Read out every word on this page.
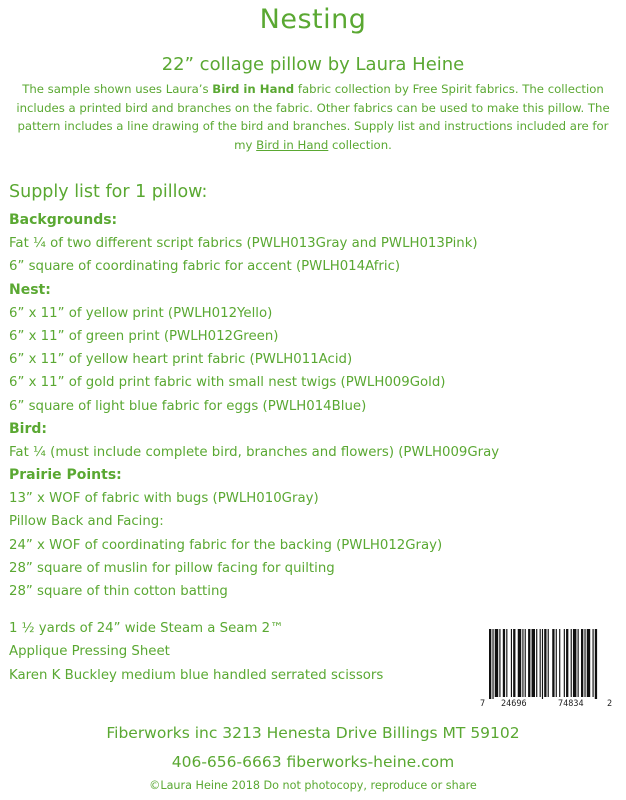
Nesting
22” collage pillow by Laura Heine
The sample shown uses Laura’s Bird in Hand fabric collection by Free Spirit fabrics. The collection includes a printed bird and branches on the fabric. Other fabrics can be used to make this pillow. The pattern includes a line drawing of the bird and branches. Supply list and instructions included are for my Bird in Hand collection.
Supply list for 1 pillow:
Backgrounds:
Fat ¼ of two different script fabrics (PWLH013Gray and PWLH013Pink)
6” square of coordinating fabric for accent (PWLH014Afric)
Nest:
6” x 11” of yellow print (PWLH012Yello)
6” x 11” of green print (PWLH012Green)
6” x 11” of yellow heart print fabric (PWLH011Acid)
6” x 11” of gold print fabric with small nest twigs (PWLH009Gold)
6” square of light blue fabric for eggs (PWLH014Blue)
Bird:
Fat ¼ (must include complete bird, branches and flowers) (PWLH009Gray
Prairie Points:
13” x WOF of fabric with bugs (PWLH010Gray)
Pillow Back and Facing:
24” x WOF of coordinating fabric for the backing (PWLH012Gray)
28” square of muslin for pillow facing for quilting
28” square of thin cotton batting
1 ½ yards of 24” wide Steam a Seam 2™
Applique Pressing Sheet
Karen K Buckley medium blue handled serrated scissors
7 24696	74834	2
Fiberworks inc 3213 Henesta Drive Billings MT 59102
406-656-6663 fiberworks-heine.com
©Laura Heine 2018 Do not photocopy, reproduce or share
